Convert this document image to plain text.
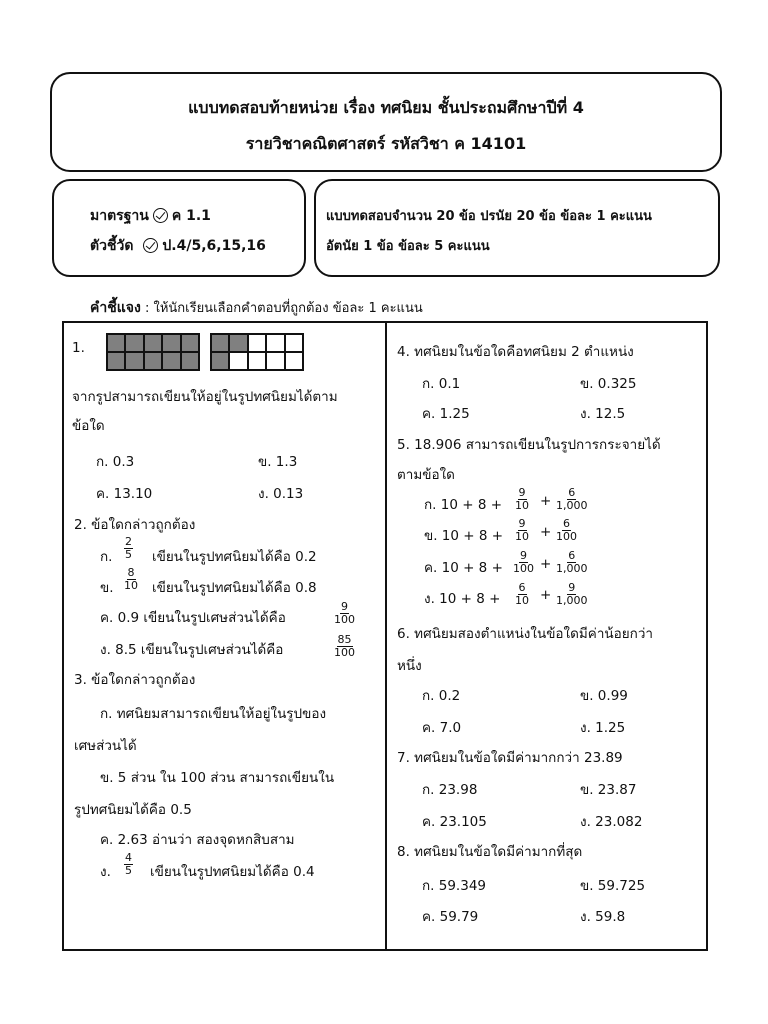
แบบทดสอบท้ายหน่วย เรื่อง ทศนิยม ชั้นประถมศึกษาปีที่ 4
รายวิชาคณิตศาสตร์ รหัสวิชา ค 14101
มาตรฐาน ค 1.1
ตัวชี้วัด ป.4/5,6,15,16
แบบทดสอบจำนวน 20 ข้อ ปรนัย 20 ข้อ ข้อละ 1 คะแนน
อัตนัย 1 ข้อ ข้อละ 5 คะแนน
คำชี้แจง : ให้นักเรียนเลือกคำตอบที่ถูกต้อง ข้อละ 1 คะแนน
1.
จากรูปสามารถเขียนให้อยู่ในรูปทศนิยมได้ตาม
ข้อใด
ก. 0.3	ข. 1.3
ค. 13.10	ง. 0.13
2. ข้อใดกล่าวถูกต้อง
ก. $\frac{2}{5}$ เขียนในรูปทศนิยมได้คือ 0.2
ข. $\frac{8}{10}$ เขียนในรูปทศนิยมได้คือ 0.8
ค. 0.9 เขียนในรูปเศษส่วนได้คือ	$\frac{9}{100}$
ง. 8.5 เขียนในรูปเศษส่วนได้คือ	$\frac{85}{100}$
3. ข้อใดกล่าวถูกต้อง
ก. ทศนิยมสามารถเขียนให้อยู่ในรูปของ
เศษส่วนได้
ข. 5 ส่วน ใน 100 ส่วน สามารถเขียนใน
รูปทศนิยมได้คือ 0.5
ค. 2.63 อ่านว่า สองจุดหกสิบสาม
ง. $\frac{4}{5}$ เขียนในรูปทศนิยมได้คือ 0.4
4. ทศนิยมในข้อใดคือทศนิยม 2 ตำแหน่ง
ก. 0.1	ข. 0.325
ค. 1.25	ง. 12.5
5. 18.906 สามารถเขียนในรูปการกระจายได้
ตามข้อใด
ก. $10 + 8 + \frac{9}{10} + \frac{6}{1,000}$
ข. $10 + 8 + \frac{9}{10} + \frac{6}{100}$
ค. $10 + 8 + \frac{9}{100} + \frac{6}{1,000}$
ง. $10 + 8 + \frac{6}{10} + \frac{9}{1,000}$
6. ทศนิยมสองตำแหน่งในข้อใดมีค่าน้อยกว่า
หนึ่ง
ก. 0.2	ข. 0.99
ค. 7.0	ง. 1.25
7. ทศนิยมในข้อใดมีค่ามากกว่า 23.89
ก. 23.98	ข. 23.87
ค. 23.105	ง. 23.082
8. ทศนิยมในข้อใดมีค่ามากที่สุด
ก. 59.349	ข. 59.725
ค. 59.79	ง. 59.8
